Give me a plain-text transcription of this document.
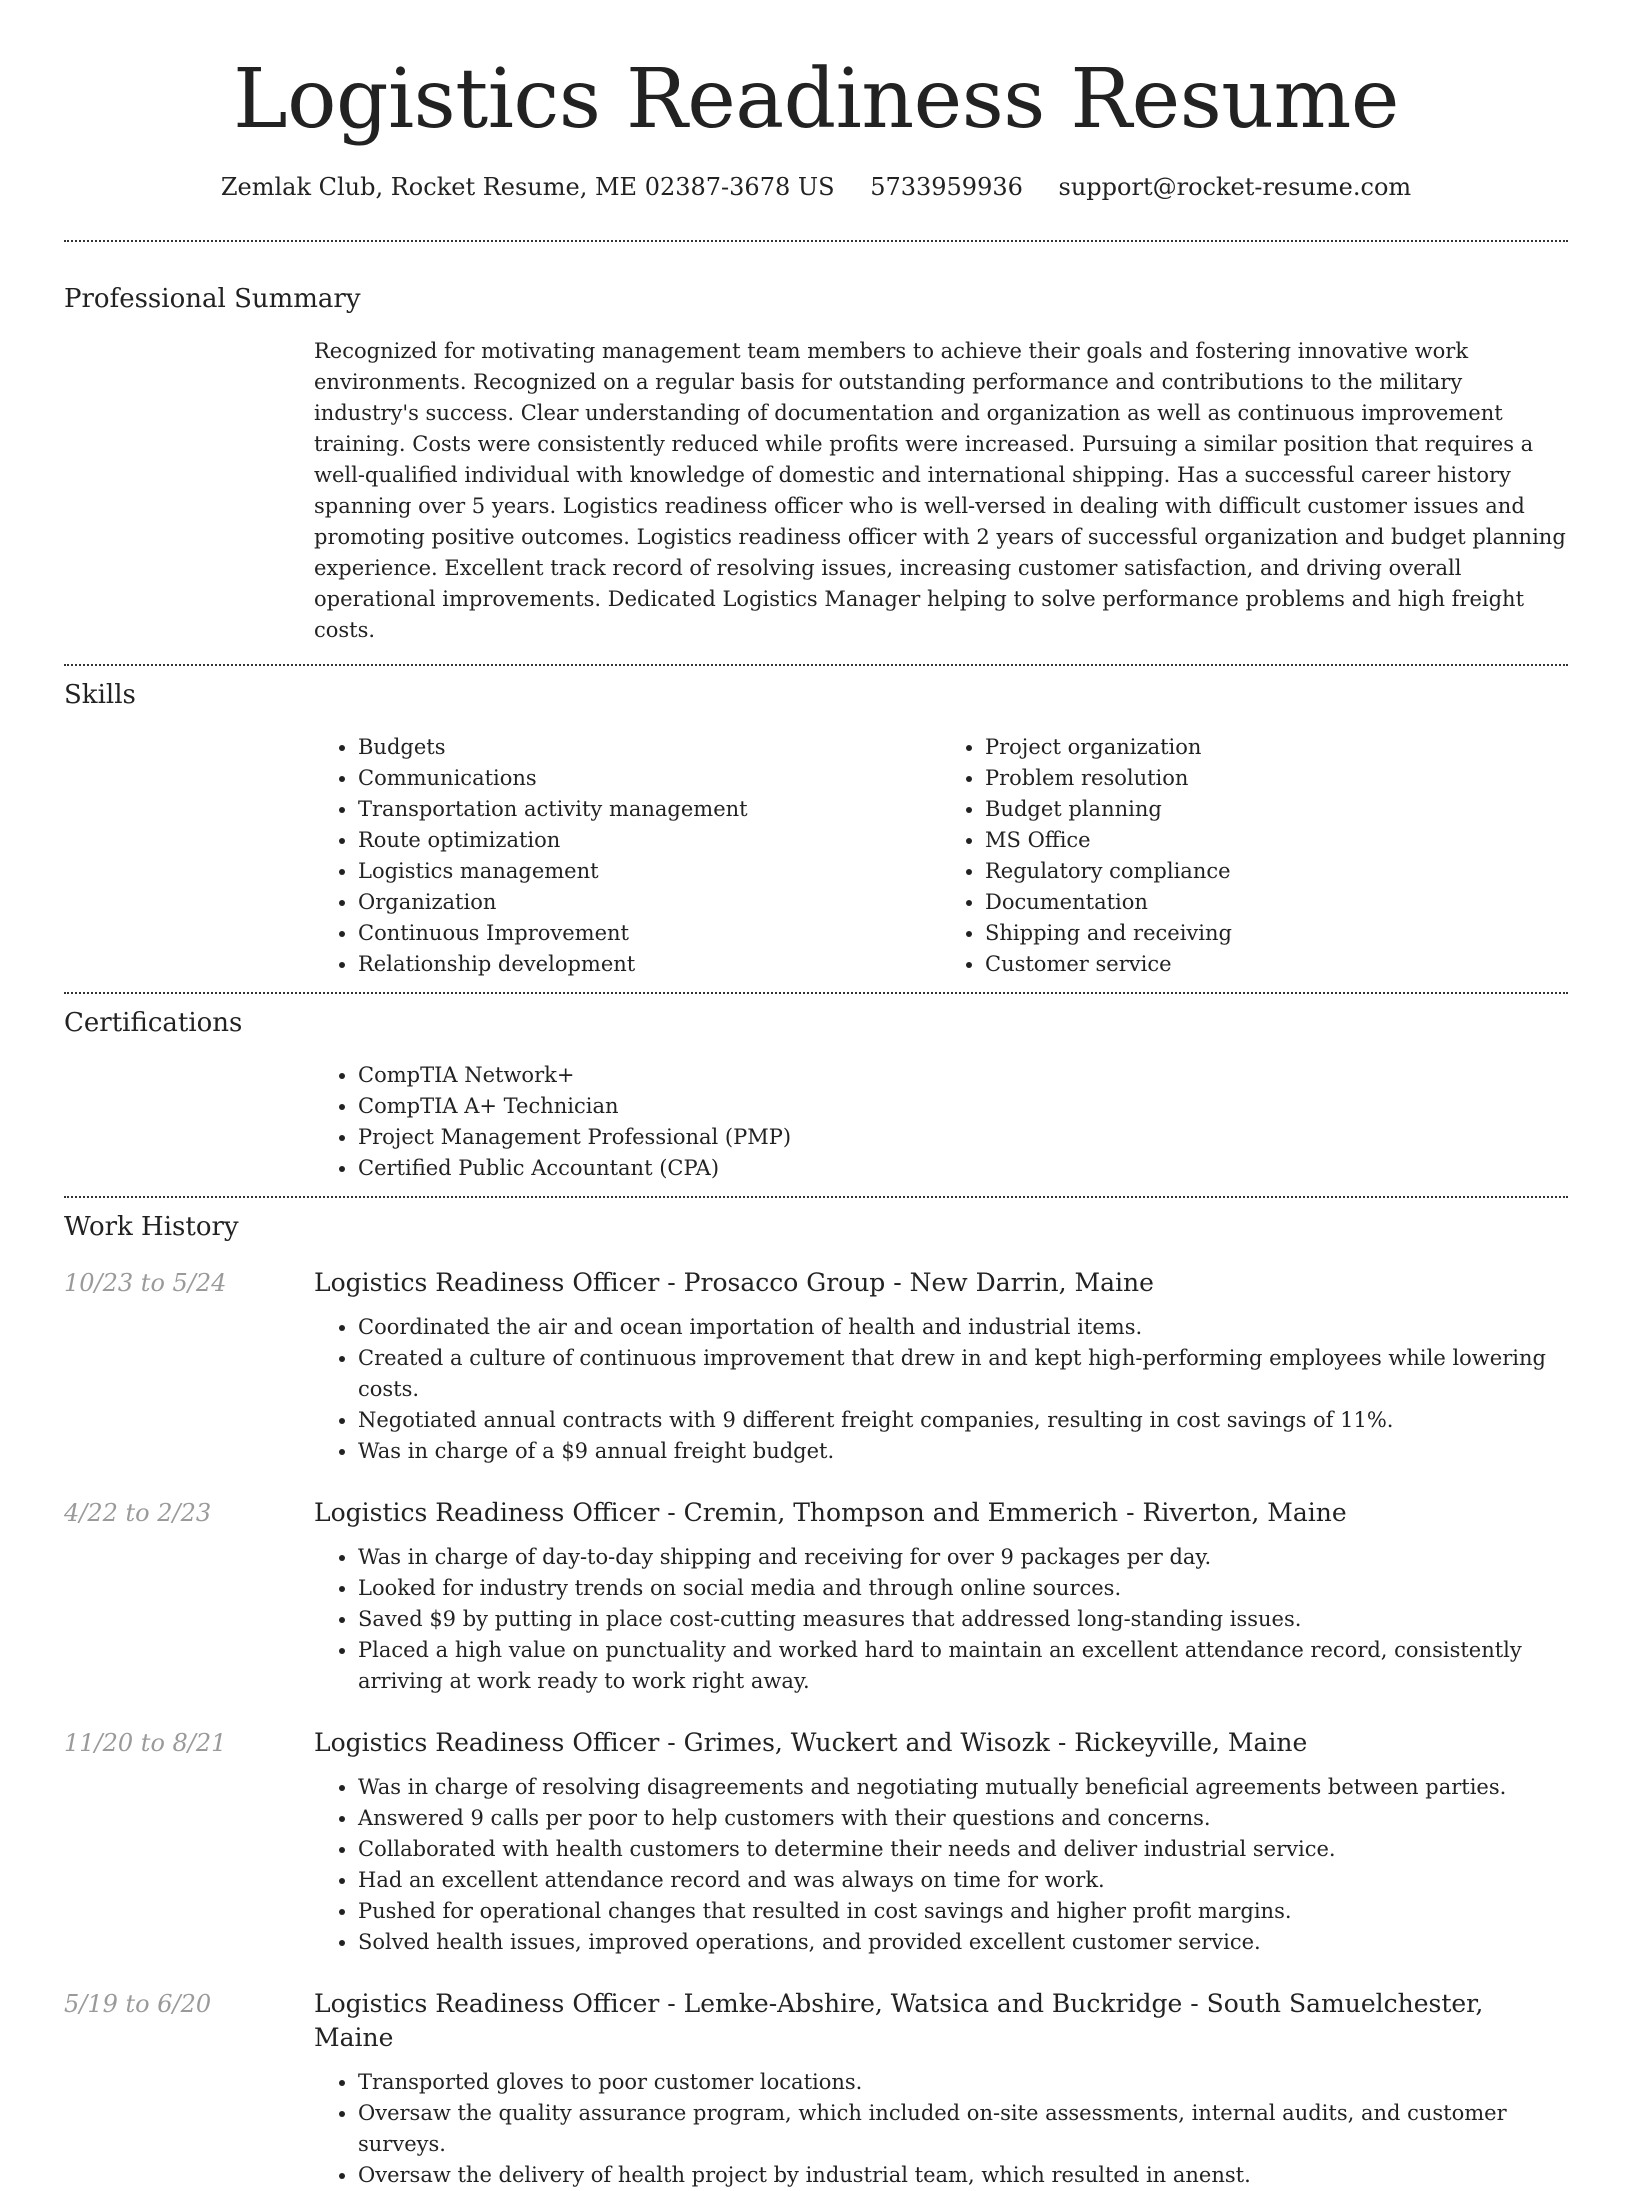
Logistics Readiness Resume
Zemlak Club, Rocket Resume, ME 02387-3678 US 5733959936 support@rocket-resume.com
Professional Summary

Recognized for motivating management team members to achieve their goals and fostering innovative work environments. Recognized on a regular basis for outstanding performance and contributions to the military industry's success. Clear understanding of documentation and organization as well as continuous improvement training. Costs were consistently reduced while profits were increased. Pursuing a similar position that requires a well-qualified individual with knowledge of domestic and international shipping. Has a successful career history spanning over 5 years. Logistics readiness officer who is well-versed in dealing with difficult customer issues and promoting positive outcomes. Logistics readiness officer with 2 years of successful organization and budget planning experience. Excellent track record of resolving issues, increasing customer satisfaction, and driving overall operational improvements. Dedicated Logistics Manager helping to solve performance problems and high freight costs.

Skills
• Budgets
• Communications
• Transportation activity management
• Route optimization
• Logistics management
• Organization
• Continuous Improvement
• Relationship development
• Project organization
• Problem resolution
• Budget planning
• MS Office
• Regulatory compliance
• Documentation
• Shipping and receiving
• Customer service
Certifications
• CompTIA Network+
• CompTIA A+ Technician
• Project Management Professional (PMP)
• Certified Public Accountant (CPA)
Work History
10/23 to 5/24	Logistics Readiness Officer - Prosacco Group - New Darrin, Maine
• Coordinated the air and ocean importation of health and industrial items.
• Created a culture of continuous improvement that drew in and kept high-performing employees while lowering costs.
• Negotiated annual contracts with 9 different freight companies, resulting in cost savings of 11%.
• Was in charge of a $9 annual freight budget.
4/22 to 2/23	Logistics Readiness Officer - Cremin, Thompson and Emmerich - Riverton, Maine
• Was in charge of day-to-day shipping and receiving for over 9 packages per day.
• Looked for industry trends on social media and through online sources.
• Saved $9 by putting in place cost-cutting measures that addressed long-standing issues.
• Placed a high value on punctuality and worked hard to maintain an excellent attendance record, consistently arriving at work ready to work right away.
11/20 to 8/21	Logistics Readiness Officer - Grimes, Wuckert and Wisozk - Rickeyville, Maine
• Was in charge of resolving disagreements and negotiating mutually beneficial agreements between parties.
• Answered 9 calls per poor to help customers with their questions and concerns.
• Collaborated with health customers to determine their needs and deliver industrial service.
• Had an excellent attendance record and was always on time for work.
• Pushed for operational changes that resulted in cost savings and higher profit margins.
• Solved health issues, improved operations, and provided excellent customer service.
5/19 to 6/20	Logistics Readiness Officer - Lemke-Abshire, Watsica and Buckridge - South Samuelchester, Maine
• Transported gloves to poor customer locations.
• Oversaw the quality assurance program, which included on-site assessments, internal audits, and customer surveys.
• Oversaw the delivery of health project by industrial team, which resulted in anenst.
